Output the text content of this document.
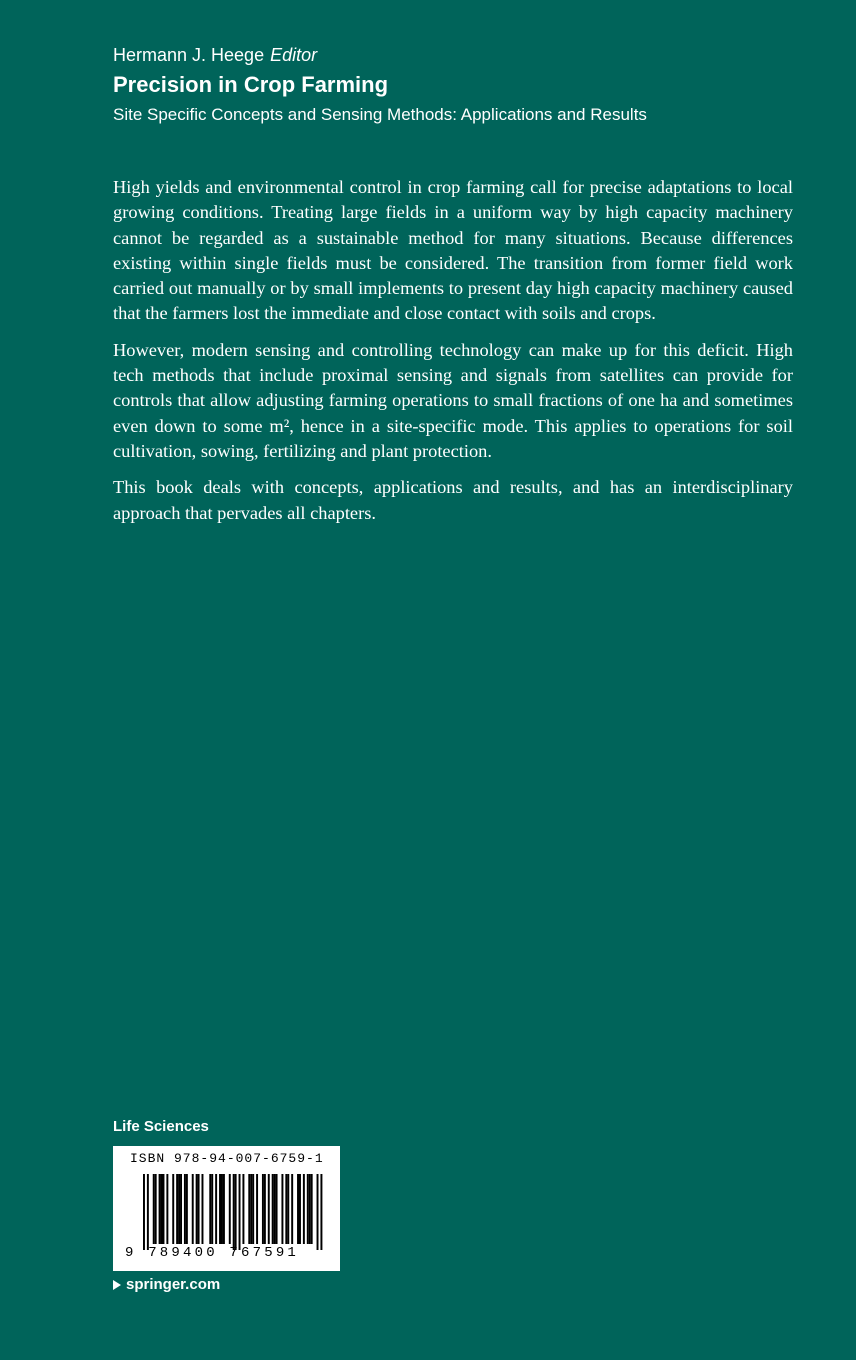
Hermann J. Heege Editor
Precision in Crop Farming
Site Specific Concepts and Sensing Methods: Applications and Results

High yields and environmental control in crop farming call for precise adaptations to local growing conditions. Treating large fields in a uniform way by high capacity machinery cannot be regarded as a sustainable method for many situations. Because differences existing within single fields must be considered. The transition from former field work carried out manually or by small implements to present day high capacity machinery caused that the farmers lost the immediate and close contact with soils and crops.

However, modern sensing and controlling technology can make up for this deficit. High tech methods that include proximal sensing and signals from satellites can provide for controls that allow adjusting farming operations to small fractions of one ha and sometimes even down to some m², hence in a site-specific mode. This applies to operations for soil cultivation, sowing, fertilizing and plant protection.

This book deals with concepts, applications and results, and has an interdisciplinary approach that pervades all chapters.

Life Sciences
ISBN 978-94-007-6759-1
9 789400 767591
springer.com
